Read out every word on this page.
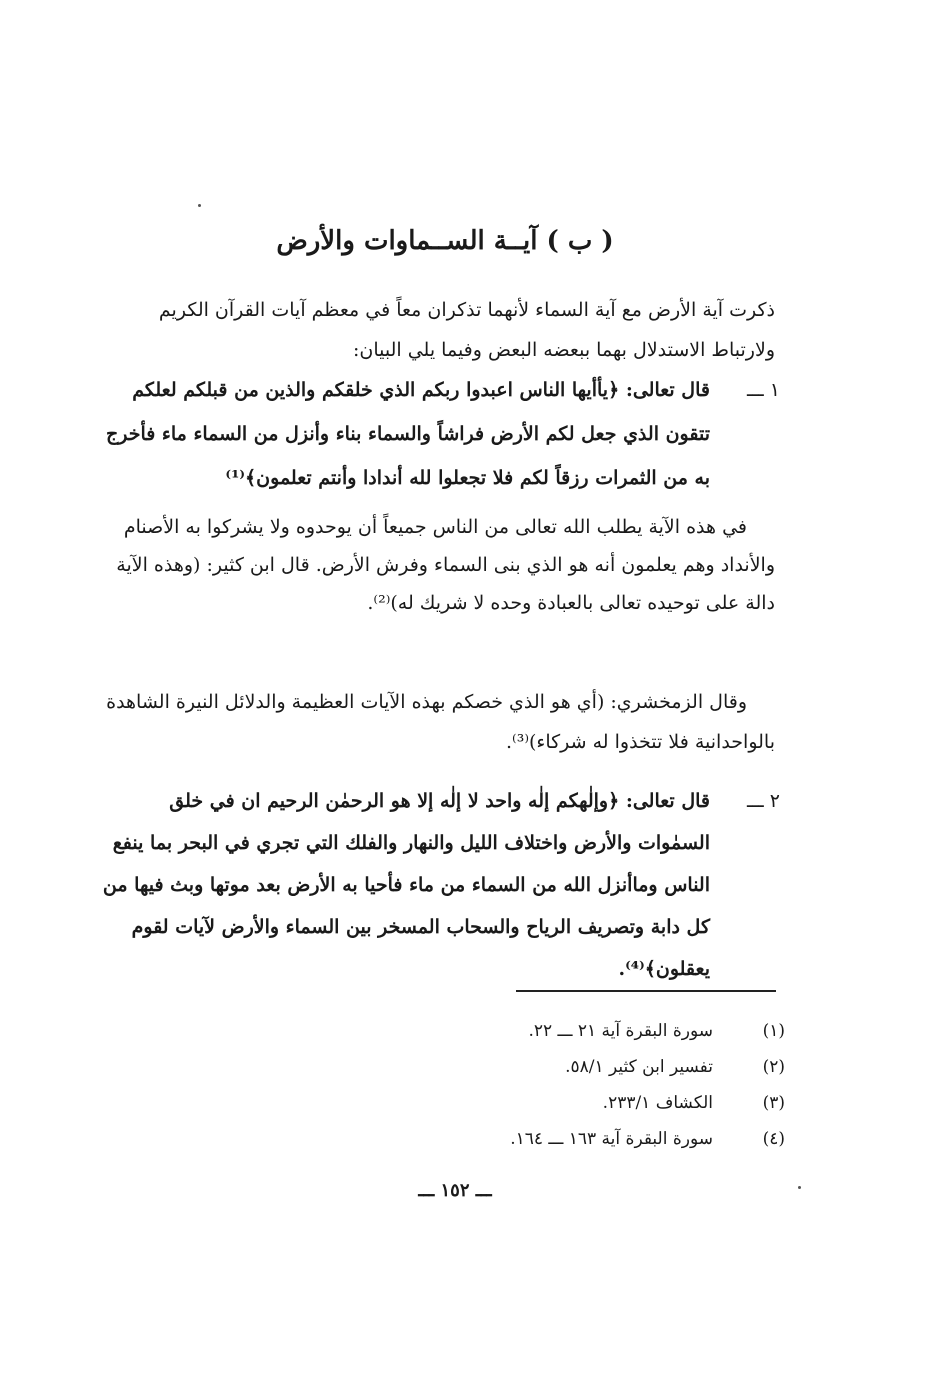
( ب ) آيــة الســماوات والأرض
ذكرت آية الأرض مع آية السماء لأنهما تذكران معاً في معظم آيات القرآن الكريم ولارتباط الاستدلال بهما ببعضه البعض وفيما يلي البيان:
١ ـــ
قال تعالى: ﴿يأأيها الناس اعبدوا ربكم الذي خلقكم والذين من قبلكم لعلكم تتقون الذي جعل لكم الأرض فراشاً والسماء بناء وأنزل من السماء ماء فأخرج به من الثمرات رزقاً لكم فلا تجعلوا لله أندادا وأنتم تعلمون﴾⁽¹⁾
في هذه الآية يطلب الله تعالى من الناس جميعاً أن يوحدوه ولا يشركوا به الأصنام والأنداد وهم يعلمون أنه هو الذي بنى السماء وفرش الأرض. قال ابن كثير: (وهذه الآية دالة على توحيده تعالى بالعبادة وحده لا شريك له)⁽²⁾.
وقال الزمخشري: (أي هو الذي خصكم بهذه الآيات العظيمة والدلائل النيرة الشاهدة بالواحدانية فلا تتخذوا له شركاء)⁽³⁾.
٢ ـــ
قال تعالى: ﴿وإلٰهكم إلٰه واحد لا إلٰه إلا هو الرحمٰن الرحيم ان في خلق السمٰوات والأرض واختلاف الليل والنهار والفلك التي تجري في البحر بما ينفع الناس وماأنزل الله من السماء من ماء فأحيا به الأرض بعد موتها وبث فيها من كل دابة وتصريف الرياح والسحاب المسخر بين السماء والأرض لآيات لقوم يعقلون﴾⁽⁴⁾.
(١)
سورة البقرة آية ٢١ ـــ ٢٢.
(٢)
تفسير ابن كثير ٥٨/١.
(٣)
الكشاف ٢٣٣/١.
(٤)
سورة البقرة آية ١٦٣ ـــ ١٦٤.
ـــ ١٥٢ ـــ
